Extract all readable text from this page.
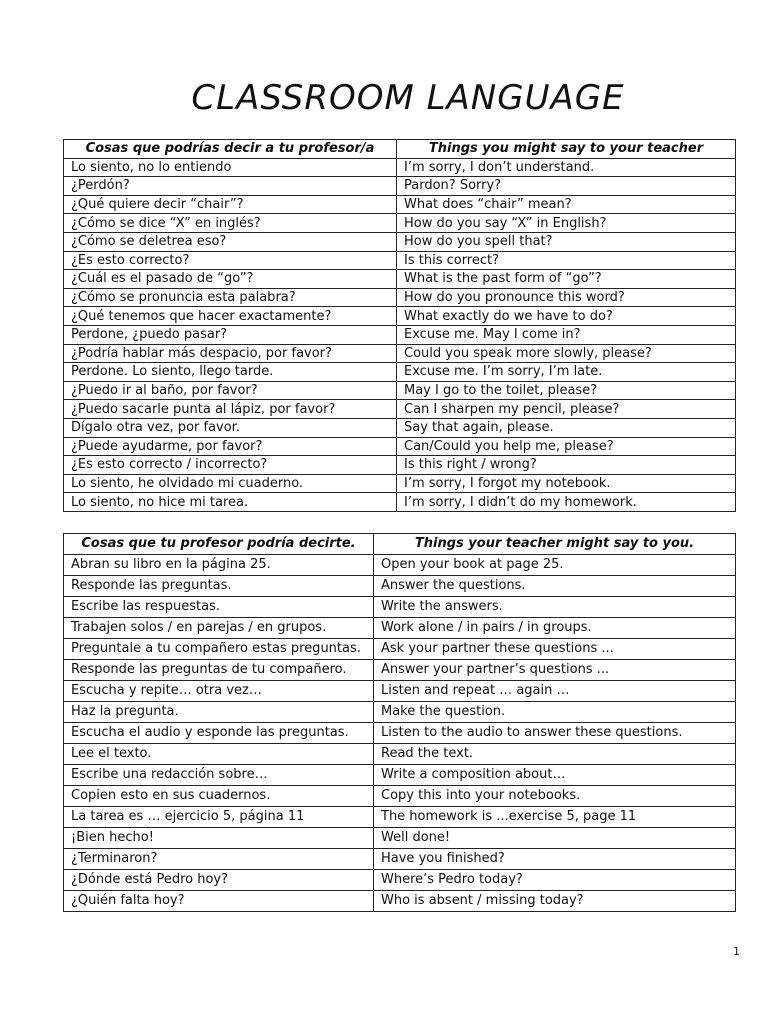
CLASSROOM LANGUAGE
Cosas que podrías decir a tu profesor/a	Things you might say to your teacher
Lo siento, no lo entiendo	I’m sorry, I don’t understand.
¿Perdón?	Pardon? Sorry?
¿Qué quiere decir “chair”?	What does “chair” mean?
¿Cómo se dice “X” en inglés?	How do you say “X” in English?
¿Cómo se deletrea eso?	How do you spell that?
¿Es esto correcto?	Is this correct?
¿Cuál es el pasado de “go”?	What is the past form of “go”?
¿Cómo se pronuncia esta palabra?	How do you pronounce this word?
¿Qué tenemos que hacer exactamente?	What exactly do we have to do?
Perdone, ¿puedo pasar?	Excuse me. May I come in?
¿Podría hablar más despacio, por favor?	Could you speak more slowly, please?
Perdone. Lo siento, llego tarde.	Excuse me. I’m sorry, I’m late.
¿Puedo ir al baño, por favor?	May I go to the toilet, please?
¿Puedo sacarle punta al lápiz, por favor?	Can I sharpen my pencil, please?
Dígalo otra vez, por favor.	Say that again, please.
¿Puede ayudarme, por favor?	Can/Could you help me, please?
¿Es esto correcto / incorrecto?	Is this right / wrong?
Lo siento, he olvidado mi cuaderno.	I’m sorry, I forgot my notebook.
Lo siento, no hice mi tarea.	I’m sorry, I didn’t do my homework.
Cosas que tu profesor podría decirte.	Things your teacher might say to you.
Abran su libro en la página 25.	Open your book at page 25.
Responde las preguntas.	Answer the questions.
Escribe las respuestas.	Write the answers.
Trabajen solos / en parejas / en grupos.	Work alone / in pairs / in groups.
Preguntale a tu compañero estas preguntas.	Ask your partner these questions ...
Responde las preguntas de tu compañero.	Answer your partner’s questions ...
Escucha y repite… otra vez…	Listen and repeat … again …
Haz la pregunta.	Make the question.
Escucha el audio y esponde las preguntas.	Listen to the audio to answer these questions.
Lee el texto.	Read the text.
Escribe una redacción sobre…	Write a composition about…
Copien esto en sus cuadernos.	Copy this into your notebooks.
La tarea es … ejercicio 5, página 11	The homework is ...exercise 5, page 11
¡Bien hecho!	Well done!
¿Terminaron?	Have you finished?
¿Dónde está Pedro hoy?	Where’s Pedro today?
¿Quién falta hoy?	Who is absent / missing today?
1
